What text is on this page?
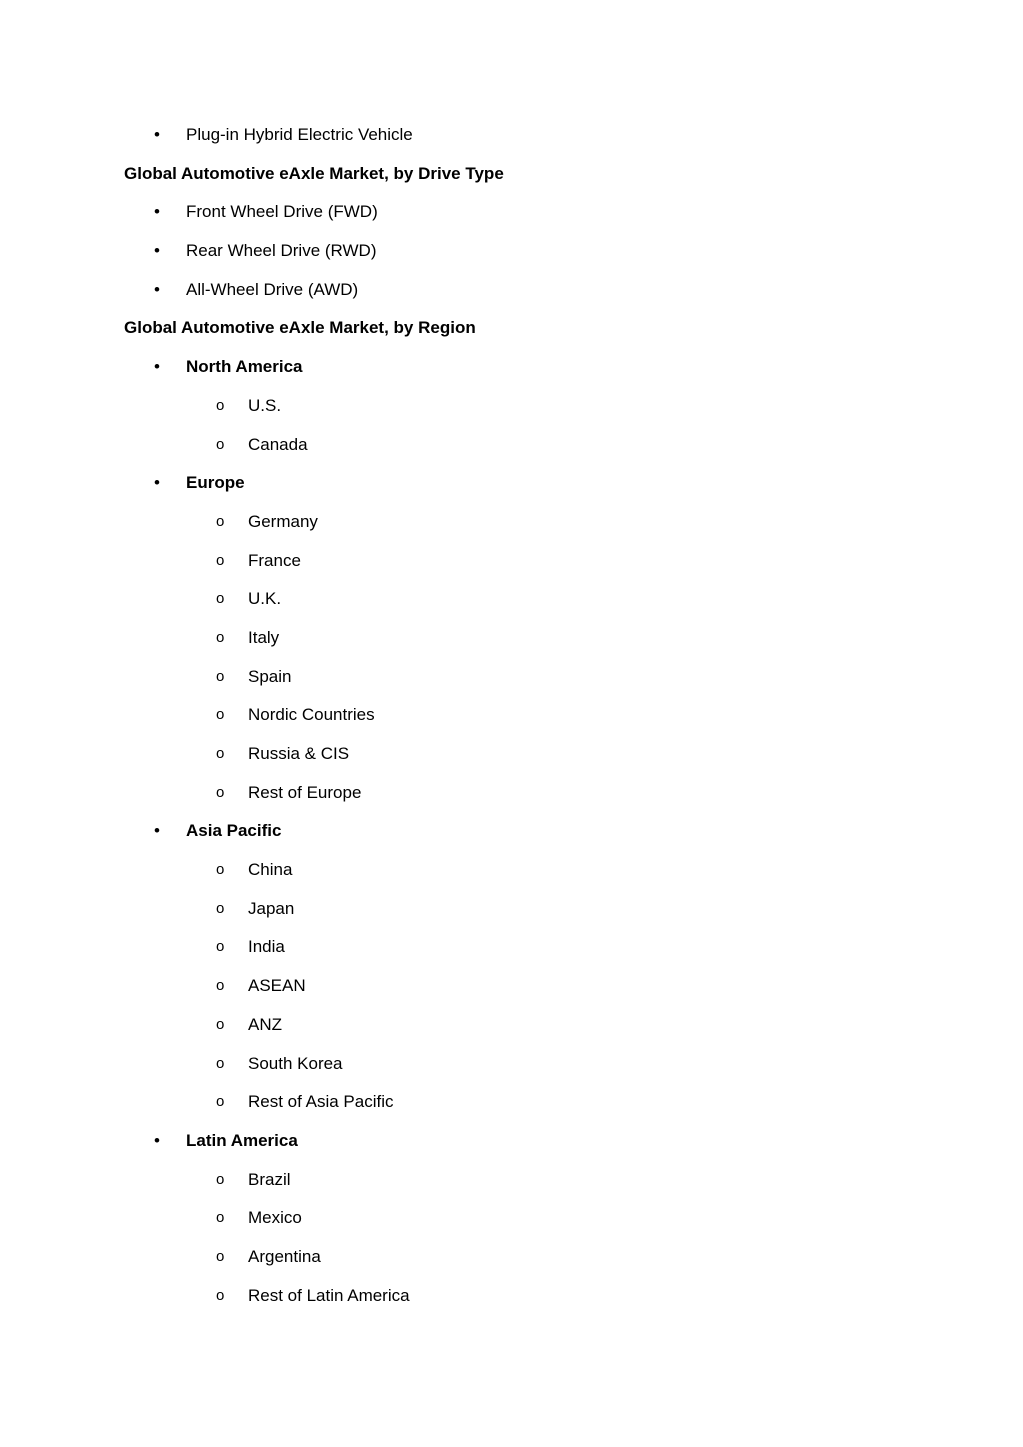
• Plug-in Hybrid Electric Vehicle
Global Automotive eAxle Market, by Drive Type
• Front Wheel Drive (FWD)
• Rear Wheel Drive (RWD)
• All-Wheel Drive (AWD)
Global Automotive eAxle Market, by Region
• North America
o U.S.
o Canada
• Europe
o Germany
o France
o U.K.
o Italy
o Spain
o Nordic Countries
o Russia & CIS
o Rest of Europe
• Asia Pacific
o China
o Japan
o India
o ASEAN
o ANZ
o South Korea
o Rest of Asia Pacific
• Latin America
o Brazil
o Mexico
o Argentina
o Rest of Latin America
